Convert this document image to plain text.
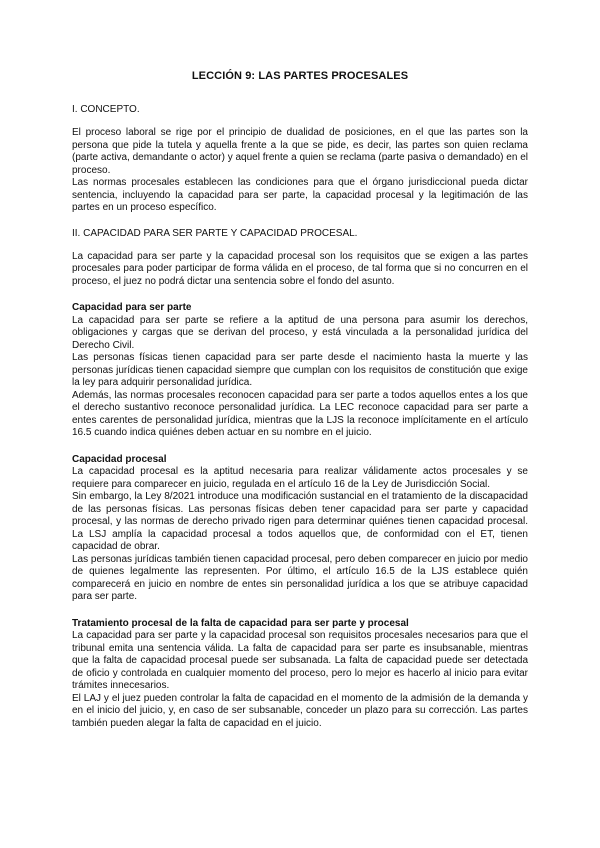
LECCIÓN 9: LAS PARTES PROCESALES
I. CONCEPTO.

El proceso laboral se rige por el principio de dualidad de posiciones, en el que las partes son la persona que pide la tutela y aquella frente a la que se pide, es decir, las partes son quien reclama (parte activa, demandante o actor) y aquel frente a quien se reclama (parte pasiva o demandado) en el proceso.

Las normas procesales establecen las condiciones para que el órgano jurisdiccional pueda dictar sentencia, incluyendo la capacidad para ser parte, la capacidad procesal y la legitimación de las partes en un proceso específico.

II. CAPACIDAD PARA SER PARTE Y CAPACIDAD PROCESAL.

La capacidad para ser parte y la capacidad procesal son los requisitos que se exigen a las partes procesales para poder participar de forma válida en el proceso, de tal forma que si no concurren en el proceso, el juez no podrá dictar una sentencia sobre el fondo del asunto.

Capacidad para ser parte

La capacidad para ser parte se refiere a la aptitud de una persona para asumir los derechos, obligaciones y cargas que se derivan del proceso, y está vinculada a la personalidad jurídica del Derecho Civil.

Las personas físicas tienen capacidad para ser parte desde el nacimiento hasta la muerte y las personas jurídicas tienen capacidad siempre que cumplan con los requisitos de constitución que exige la ley para adquirir personalidad jurídica.

Además, las normas procesales reconocen capacidad para ser parte a todos aquellos entes a los que el derecho sustantivo reconoce personalidad jurídica. La LEC reconoce capacidad para ser parte a entes carentes de personalidad jurídica, mientras que la LJS la reconoce implícitamente en el artículo 16.5 cuando indica quiénes deben actuar en su nombre en el juicio.

Capacidad procesal

La capacidad procesal es la aptitud necesaria para realizar válidamente actos procesales y se requiere para comparecer en juicio, regulada en el artículo 16 de la Ley de Jurisdicción Social.

Sin embargo, la Ley 8/2021 introduce una modificación sustancial en el tratamiento de la discapacidad de las personas físicas. Las personas físicas deben tener capacidad para ser parte y capacidad procesal, y las normas de derecho privado rigen para determinar quiénes tienen capacidad procesal. La LSJ amplía la capacidad procesal a todos aquellos que, de conformidad con el ET, tienen capacidad de obrar.

Las personas jurídicas también tienen capacidad procesal, pero deben comparecer en juicio por medio de quienes legalmente las representen. Por último, el artículo 16.5 de la LJS establece quién comparecerá en juicio en nombre de entes sin personalidad jurídica a los que se atribuye capacidad para ser parte.

Tratamiento procesal de la falta de capacidad para ser parte y procesal

La capacidad para ser parte y la capacidad procesal son requisitos procesales necesarios para que el tribunal emita una sentencia válida. La falta de capacidad para ser parte es insubsanable, mientras que la falta de capacidad procesal puede ser subsanada. La falta de capacidad puede ser detectada de oficio y controlada en cualquier momento del proceso, pero lo mejor es hacerlo al inicio para evitar trámites innecesarios.

El LAJ y el juez pueden controlar la falta de capacidad en el momento de la admisión de la demanda y en el inicio del juicio, y, en caso de ser subsanable, conceder un plazo para su corrección. Las partes también pueden alegar la falta de capacidad en el juicio.
